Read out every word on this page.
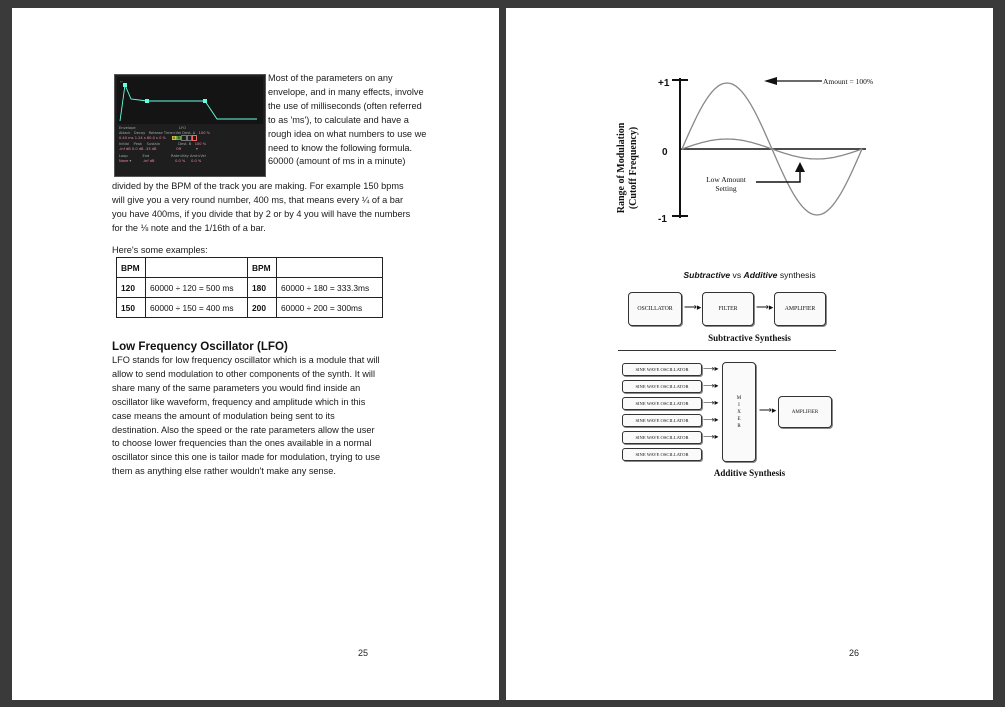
⌐
Envelope	LFO
Attack Decay Release Time<Vel Dest. A 100 %
0.40 ms 1.24 s 60.0 s 0 %      A  B
Initial Peak Sustain	Dest. B 100 %
-inf dB 0.0 dB -33 dB	Off             ▾
Loop	End	Rate<Key Amt<Vel
None ▾          -inf dB	0.0 % 0.0 %
Most of the parameters on any
envelope, and in many effects, involve
the use of milliseconds (often referred
to as 'ms'), to calculate and have a
rough idea on what numbers to use we
need to know the following formula.
60000 (amount of ms in a minute)
divided by the BPM of the track you are making. For example 150 bpms
will give you a very round number, 400 ms, that means every ¼ of a bar
you have 400ms, if you divide that by 2 or by 4 you will have the numbers
for the ⅛ note and the 1/16th of a bar.
Here's some examples:
BPM		BPM	
120	60000 ÷ 120 = 500 ms	180	60000 ÷ 180 = 333.3ms
150	60000 ÷ 150 = 400 ms	200	60000 ÷ 200 = 300ms
Low Frequency Oscillator (LFO)
LFO stands for low frequency oscillator which is a module that will
allow to send modulation to other components of the synth. It will
share many of the same parameters you would find inside an
oscillator like waveform, frequency and amplitude which in this
case means the amount of modulation being sent to its
destination. Also the speed or the rate parameters allow the user
to choose lower frequencies than the ones available in a normal
oscillator since this one is tailor made for modulation, trying to use
them as anything else rather wouldn't make any sense.
25
Range of Modulation (Cutoff Frequency)
+1
0
-1
Amount = 100%
Low Amount
Setting
Subtractive vs Additive synthesis
OSCILLATOR	⟶▸	FILTER	⟶▸	AMPLIFIER
Subtractive Synthesis
SINE WAVE OSCILLATOR
SINE WAVE OSCILLATOR
SINE WAVE OSCILLATOR
SINE WAVE OSCILLATOR
SINE WAVE OSCILLATOR
SINE WAVE OSCILLATOR
⟶▸
⟶▸
⟶▸
⟶▸
⟶▸
M
I
X
E
R
⟶▸	AMPLIFIER
Additive Synthesis
26
